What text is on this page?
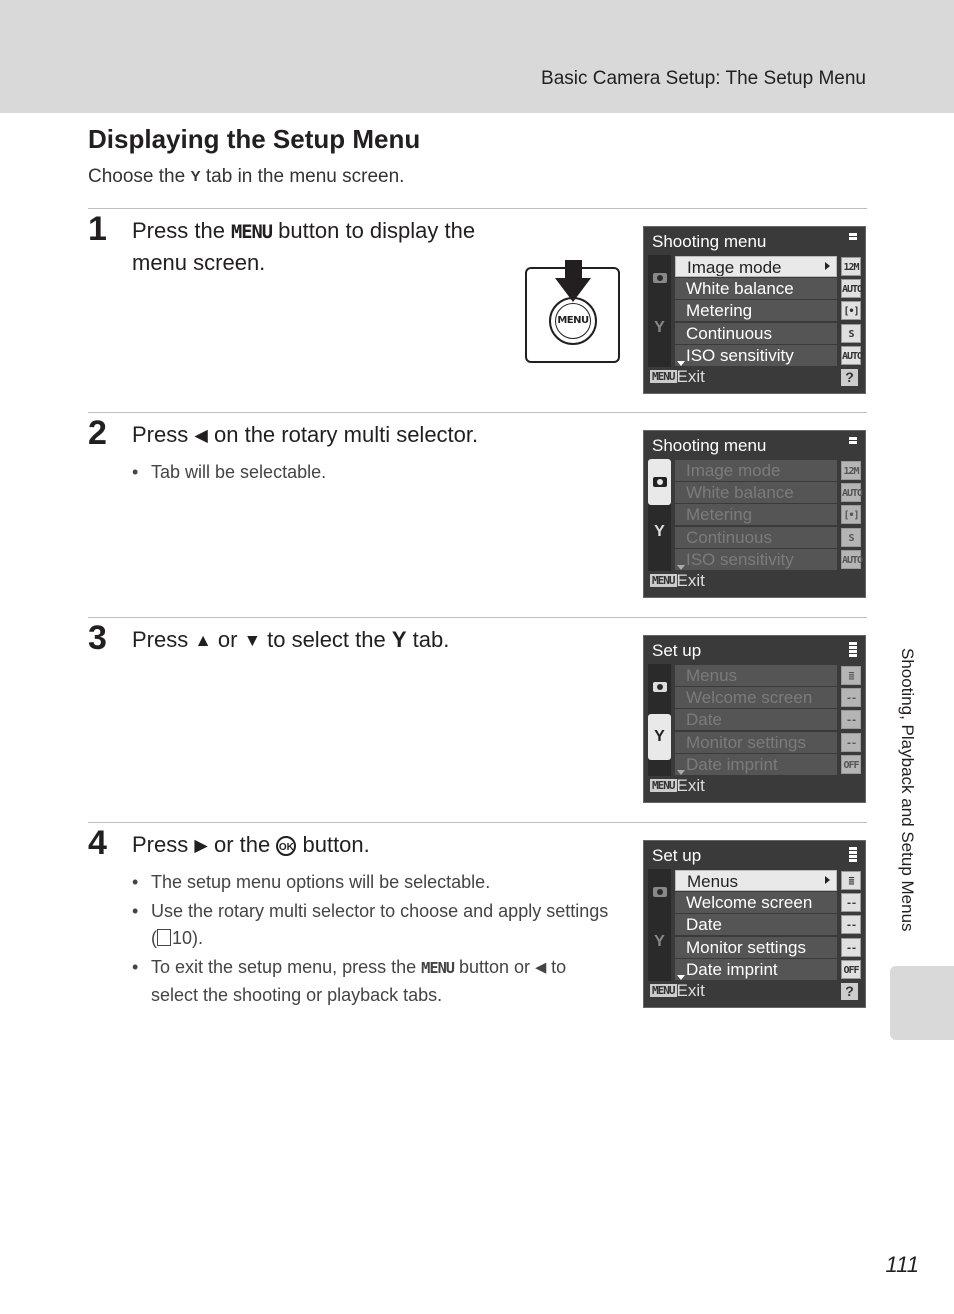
Basic Camera Setup: The Setup Menu
Displaying the Setup Menu
Choose the Y tab in the menu screen.
1 Press the MENU button to display the menu screen.
MENU
Shooting menu
Y
Image mode	12M
White balance	AUTO
Metering	[•]
Continuous	S
ISO sensitivity	AUTO
MENU Exit	?
2 Press ◀ on the rotary multi selector.
• Tab will be selectable.
Shooting menu
Y
Image mode	12M
White balance	AUTO
Metering	[•]
Continuous	S
ISO sensitivity	AUTO
MENU Exit
3 Press ▲ or ▼ to select the Y tab.	Set up
Y
Menus	≣
Welcome screen	--
Date	--
Monitor settings	--
Date imprint	OFF
MENU Exit
4 Press ▶ or the OK button.
• The setup menu options will be selectable.
• Use the rotary multi selector to choose and apply settings ( 10).
• To exit the setup menu, press the MENU button or ◀ to select the shooting or playback tabs.
Set up
Y
Menus	≣
Welcome screen	--
Date	--
Monitor settings	--
Date imprint	OFF
MENU Exit	?
Shooting, Playback and Setup Menus
111
